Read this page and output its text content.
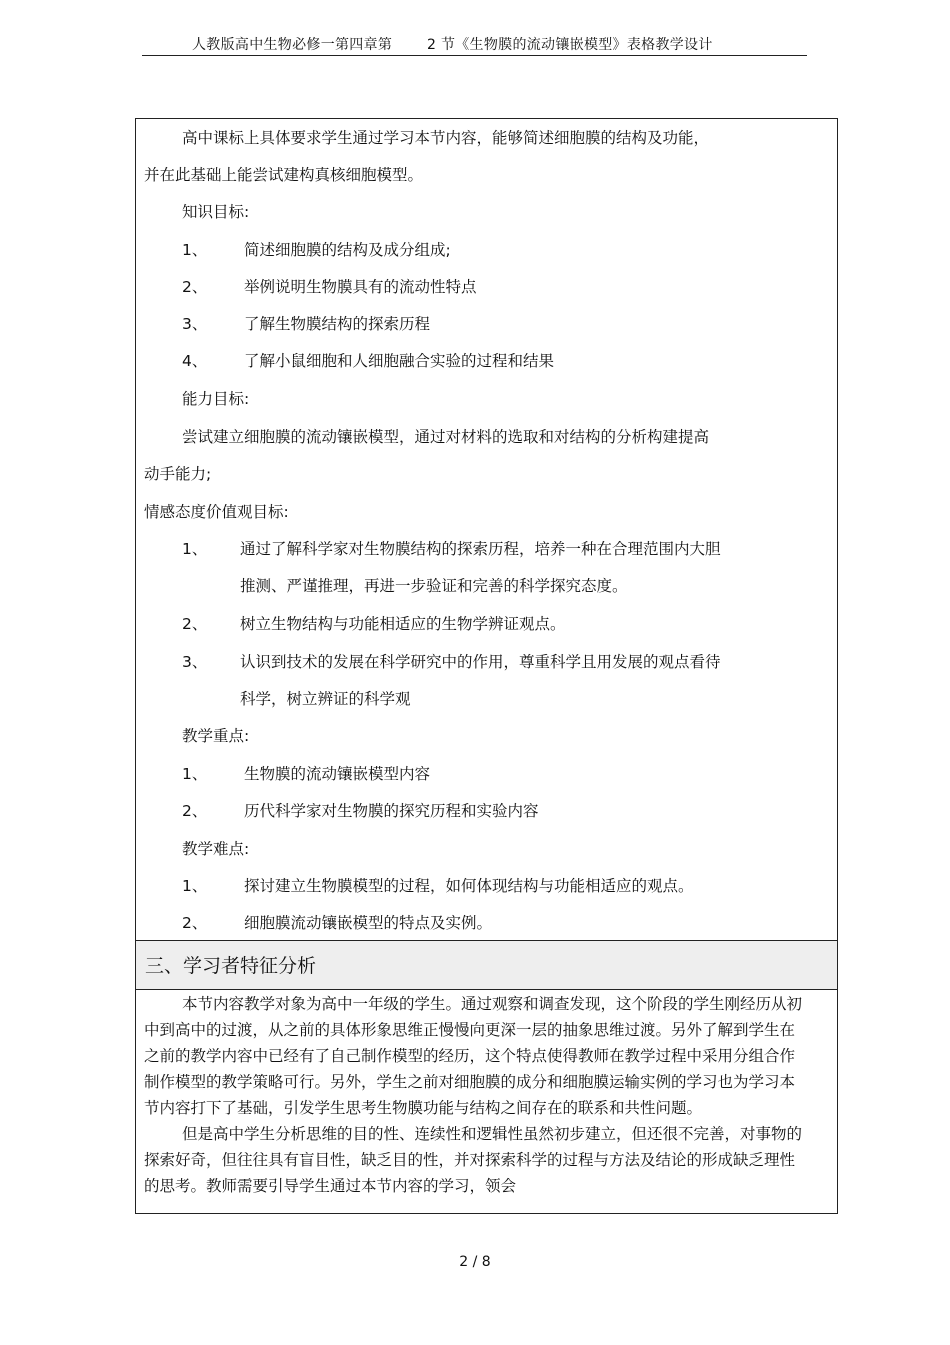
人教版高中生物必修一第四章第 2 节《生物膜的流动镶嵌模型》表格教学设计
高中课标上具体要求学生通过学习本节内容，能够简述细胞膜的结构及功能，
并在此基础上能尝试建构真核细胞模型。
知识目标:
1、 简述细胞膜的结构及成分组成;
2、 举例说明生物膜具有的流动性特点
3、 了解生物膜结构的探索历程
4、 了解小鼠细胞和人细胞融合实验的过程和结果
能力目标:
尝试建立细胞膜的流动镶嵌模型，通过对材料的选取和对结构的分析构建提高
动手能力;
情感态度价值观目标:
1、 通过了解科学家对生物膜结构的探索历程，培养一种在合理范围内大胆
推测、严谨推理，再进一步验证和完善的科学探究态度。
2、 树立生物结构与功能相适应的生物学辨证观点。
3、 认识到技术的发展在科学研究中的作用，尊重科学且用发展的观点看待
科学，树立辨证的科学观
教学重点:
1、 生物膜的流动镶嵌模型内容
2、 历代科学家对生物膜的探究历程和实验内容
教学难点:
1、 探讨建立生物膜模型的过程，如何体现结构与功能相适应的观点。
2、 细胞膜流动镶嵌模型的特点及实例。
三、学习者特征分析

本节内容教学对象为高中一年级的学生。通过观察和调查发现，这个阶段的学生刚经历从初中到高中的过渡，从之前的具体形象思维正慢慢向更深一层的抽象思维过渡。另外了解到学生在之前的教学内容中已经有了自己制作模型的经历，这个特点使得教师在教学过程中采用分组合作制作模型的教学策略可行。另外，学生之前对细胞膜的成分和细胞膜运输实例的学习也为学习本节内容打下了基础，引发学生思考生物膜功能与结构之间存在的联系和共性问题。

但是高中学生分析思维的目的性、连续性和逻辑性虽然初步建立，但还很不完善，对事物的探索好奇，但往往具有盲目性，缺乏目的性，并对探索科学的过程与方法及结论的形成缺乏理性的思考。教师需要引导学生通过本节内容的学习，领会

2 / 8
